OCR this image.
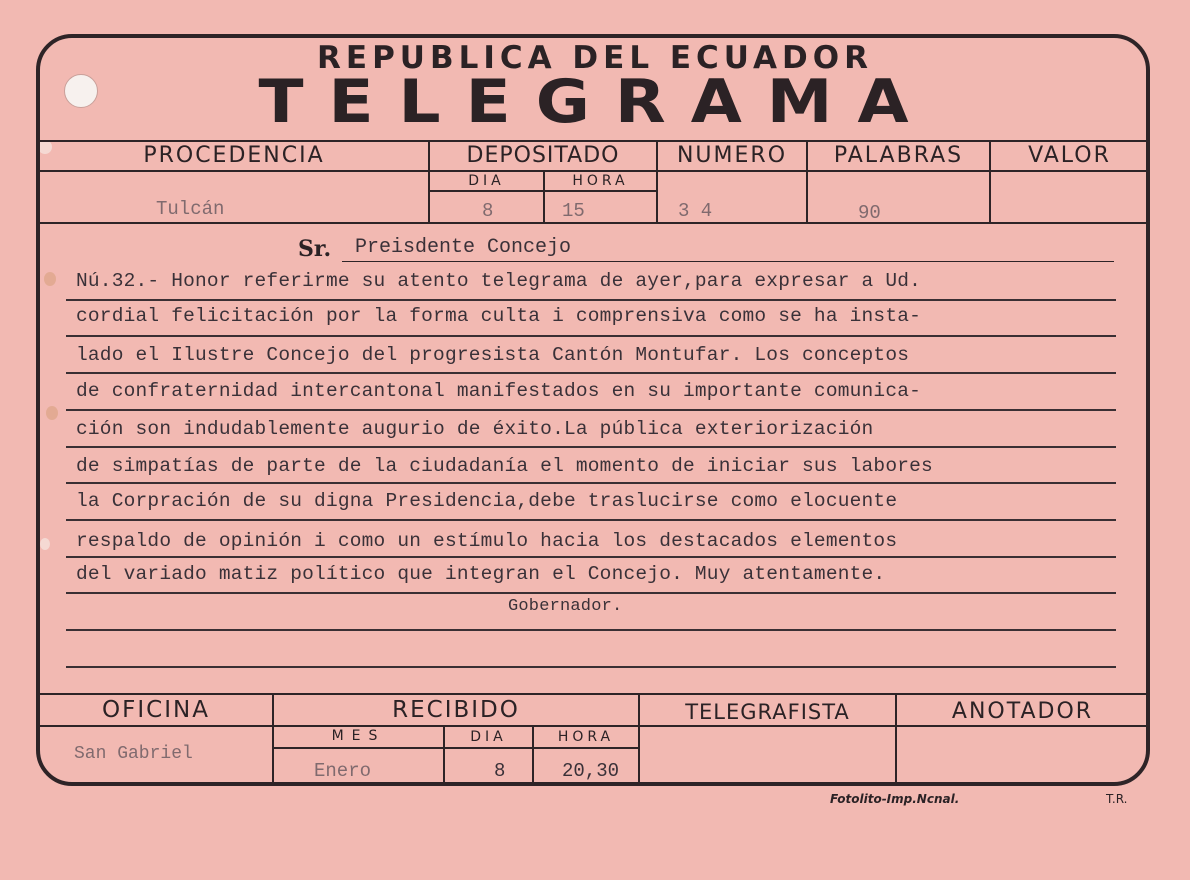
REPUBLICA DEL ECUADOR
TELEGRAMA
PROCEDENCIA	DEPOSITADO	NUMERO	PALABRAS	VALOR
DIA	HORA
Tulcán	8	15	3 4	90
Sr. Preisdente Concejo
Nú.32.- Honor referirme su atento telegrama de ayer,para expresar a Ud.
cordial felicitación por la forma culta i comprensiva como se ha insta-
lado el Ilustre Concejo del progresista Cantón Montufar. Los conceptos
de confraternidad intercantonal manifestados en su importante comunica-
ción son indudablemente augurio de éxito.La pública exteriorización
de simpatías de parte de la ciudadanía el momento de iniciar sus labores
la Corpración de su digna Presidencia,debe traslucirse como elocuente
respaldo de opinión i como un estímulo hacia los destacados elementos
del variado matiz político que integran el Concejo. Muy atentamente.
Gobernador.
OFICINA	RECIBIDO	TELEGRAFISTA	ANOTADOR
MES	DIA	HORA
San Gabriel
Enero	8	20,30
Fotolito-Imp.Ncnal.	T.R.
